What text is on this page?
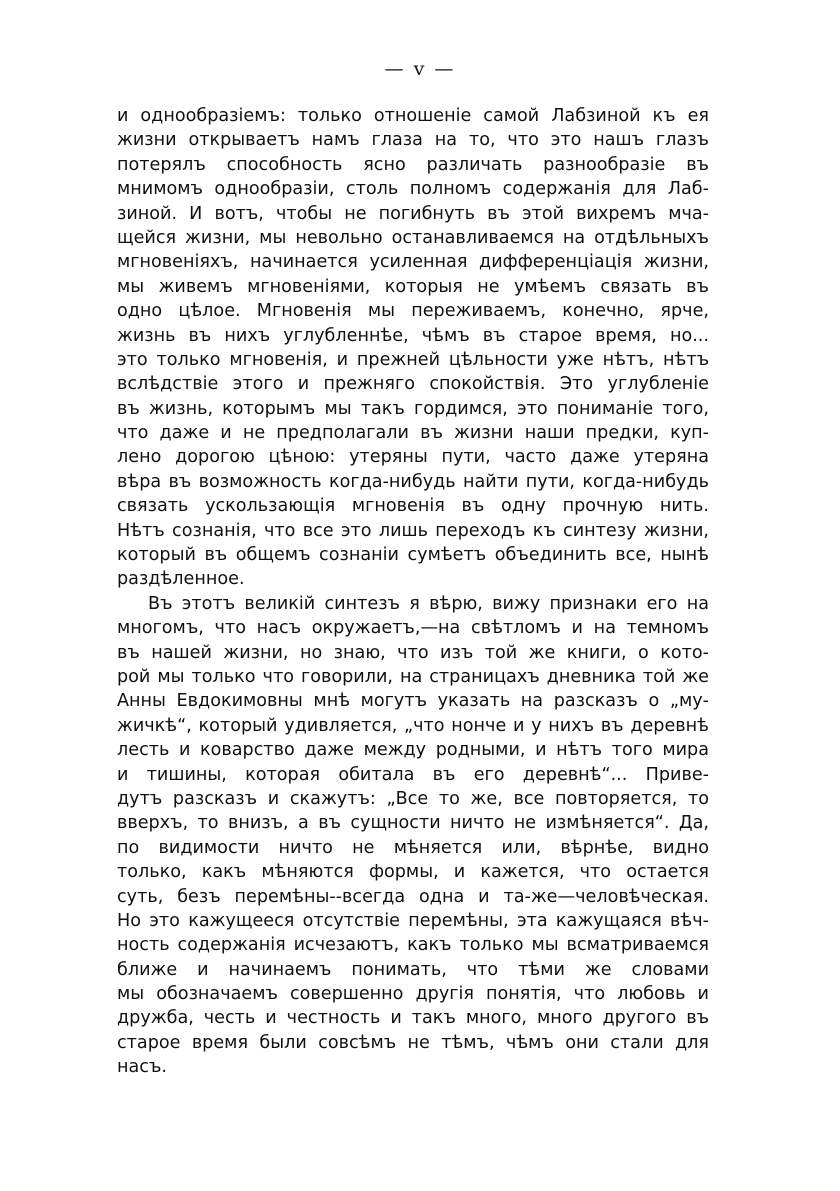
— v —
и однообразіемъ: только отношеніе самой Лабзиной къ ея
жизни открываетъ намъ глаза на то, что это нашъ глазъ
потерялъ способность ясно различать разнообразіе въ
мнимомъ однообразіи, столь полномъ содержанія для Лаб-
зиной. И вотъ, чтобы не погибнуть въ этой вихремъ мча-
щейся жизни, мы невольно останавливаемся на отдѣльныхъ
мгновеніяхъ, начинается усиленная дифференціація жизни,
мы живемъ мгновеніями, которыя не умѣемъ связать въ
одно цѣлое. Мгновенія мы переживаемъ, конечно, ярче,
жизнь въ нихъ углубленнѣе, чѣмъ въ старое время, но...
это только мгновенія, и прежней цѣльности уже нѣтъ, нѣтъ
вслѣдствіе этого и прежняго спокойствія. Это углубленіе
въ жизнь, которымъ мы такъ гордимся, это пониманіе того,
что даже и не предполагали въ жизни наши предки, куп-
лено дорогою цѣною: утеряны пути, часто даже утеряна
вѣра въ возможность когда-нибудь найти пути, когда-нибудь
связать ускользающія мгновенія въ одну прочную нить.
Нѣтъ сознанія, что все это лишь переходъ къ синтезу жизни,
который въ общемъ сознаніи сумѣетъ объединить все, нынѣ
раздѣленное.
Въ этотъ великій синтезъ я вѣрю, вижу признаки его на
многомъ, что насъ окружаетъ,—на свѣтломъ и на темномъ
въ нашей жизни, но знаю, что изъ той же книги, о кото-
рой мы только что говорили, на страницахъ дневника той же
Анны Евдокимовны мнѣ могутъ указать на разсказъ о „му-
жичкѣ“, который удивляется, „что нонче и у нихъ въ деревнѣ
лесть и коварство даже между родными, и нѣтъ того мира
и тишины, которая обитала въ его деревнѣ“... Приве-
дутъ разсказъ и скажутъ: „Все то же, все повторяется, то
вверхъ, то внизъ, а въ сущности ничто не измѣняется“. Да,
по видимости ничто не мѣняется или, вѣрнѣе, видно
только, какъ мѣняются формы, и кажется, что остается
суть, безъ перемѣны--всегда одна и та-же—человѣческая.
Но это кажущееся отсутствіе перемѣны, эта кажущаяся вѣч-
ность содержанія исчезаютъ, какъ только мы всматриваемся
ближе и начинаемъ понимать, что тѣми же словами
мы обозначаемъ совершенно другія понятія, что любовь и
дружба, честь и честность и такъ много, много другого въ
старое время были совсѣмъ не тѣмъ, чѣмъ они стали для
насъ.
